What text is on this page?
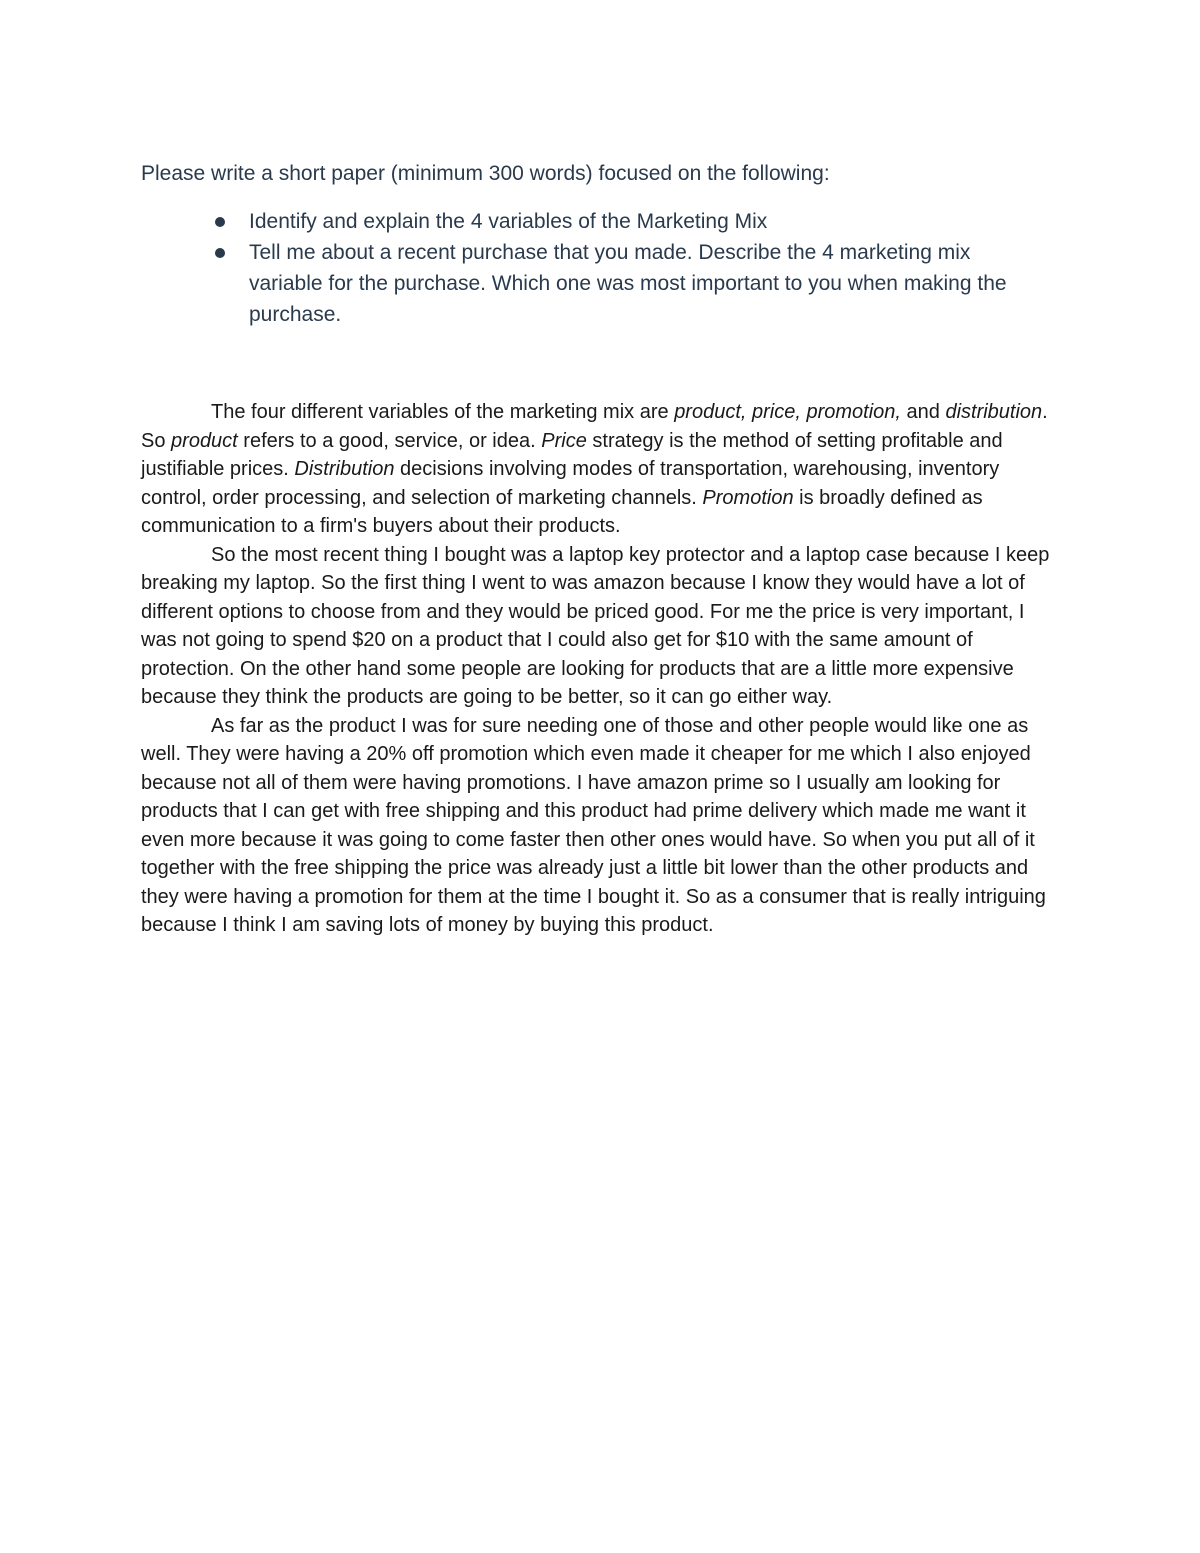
Please write a short paper (minimum 300 words) focused on the following:

Identify and explain the 4 variables of the Marketing Mix
Tell me about a recent purchase that you made. Describe the 4 marketing mix variable for the purchase. Which one was most important to you when making the purchase.

The four different variables of the marketing mix are product, price, promotion, and distribution. So product refers to a good, service, or idea. Price strategy is the method of setting profitable and justifiable prices. Distribution decisions involving modes of transportation, warehousing, inventory control, order processing, and selection of marketing channels. Promotion is broadly defined as communication to a firm's buyers about their products.

So the most recent thing I bought was a laptop key protector and a laptop case because I keep breaking my laptop. So the first thing I went to was amazon because I know they would have a lot of different options to choose from and they would be priced good. For me the price is very important, I was not going to spend $20 on a product that I could also get for $10 with the same amount of protection. On the other hand some people are looking for products that are a little more expensive because they think the products are going to be better, so it can go either way.

As far as the product I was for sure needing one of those and other people would like one as well. They were having a 20% off promotion which even made it cheaper for me which I also enjoyed because not all of them were having promotions. I have amazon prime so I usually am looking for products that I can get with free shipping and this product had prime delivery which made me want it even more because it was going to come faster then other ones would have. So when you put all of it together with the free shipping the price was already just a little bit lower than the other products and they were having a promotion for them at the time I bought it. So as a consumer that is really intriguing because I think I am saving lots of money by buying this product.
